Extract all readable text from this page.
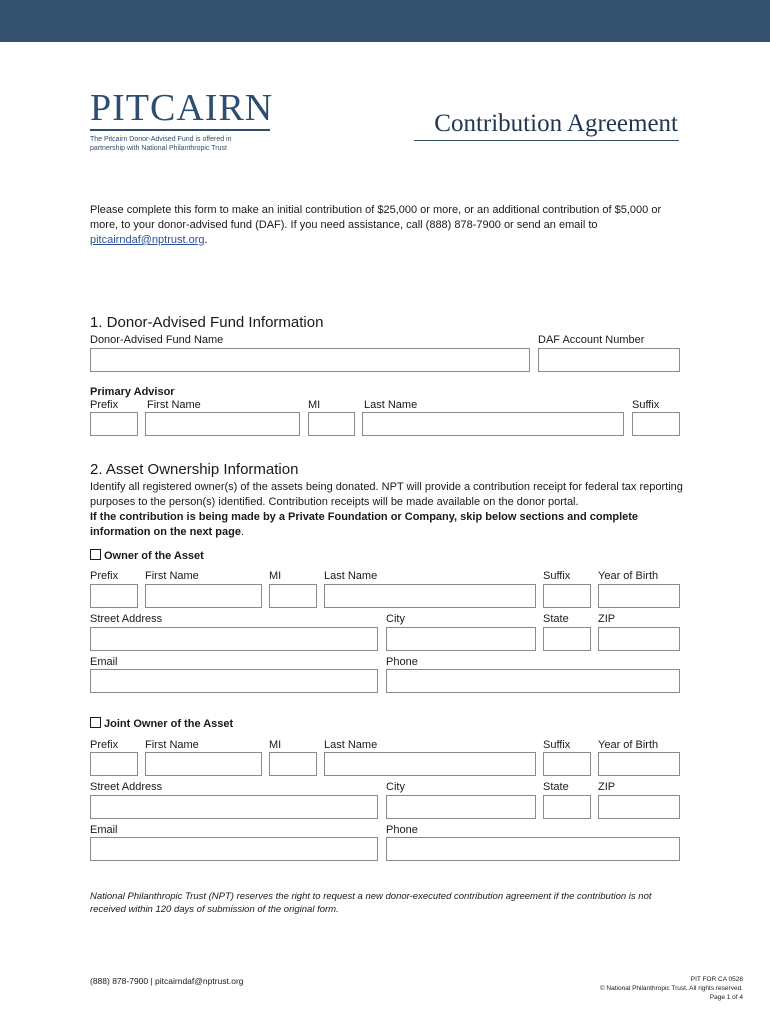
PITCAIRN
The Pitcairn Donor-Advised Fund is offered in partnership with National Philanthropic Trust
Contribution Agreement
Please complete this form to make an initial contribution of $25,000 or more, or an additional contribution of $5,000 or more, to your donor-advised fund (DAF). If you need assistance, call (888) 878-7900 or send an email to pitcairndaf@nptrust.org.
1. Donor-Advised Fund Information
Donor-Advised Fund Name	DAF Account Number
Primary Advisor
Prefix	First Name	MI	Last Name	Suffix
2. Asset Ownership Information
Identify all registered owner(s) of the assets being donated. NPT will provide a contribution receipt for federal tax reporting purposes to the person(s) identified. Contribution receipts will be made available on the donor portal.
If the contribution is being made by a Private Foundation or Company, skip below sections and complete information on the next page.
Owner of the Asset
Prefix First Name	MI	Last Name	Suffix	Year of Birth
Street Address	City	State	ZIP
Email	Phone
Joint Owner of the Asset
Prefix First Name	MI	Last Name	Suffix	Year of Birth
Street Address	City	State	ZIP
Email	Phone
National Philanthropic Trust (NPT) reserves the right to request a new donor-executed contribution agreement if the contribution is not received within 120 days of submission of the original form.
(888) 878-7900 | pitcairndaf@nptrust.org	PIT FOR CA 0528
© National Philanthropic Trust. All rights reserved.
Page 1 of 4
